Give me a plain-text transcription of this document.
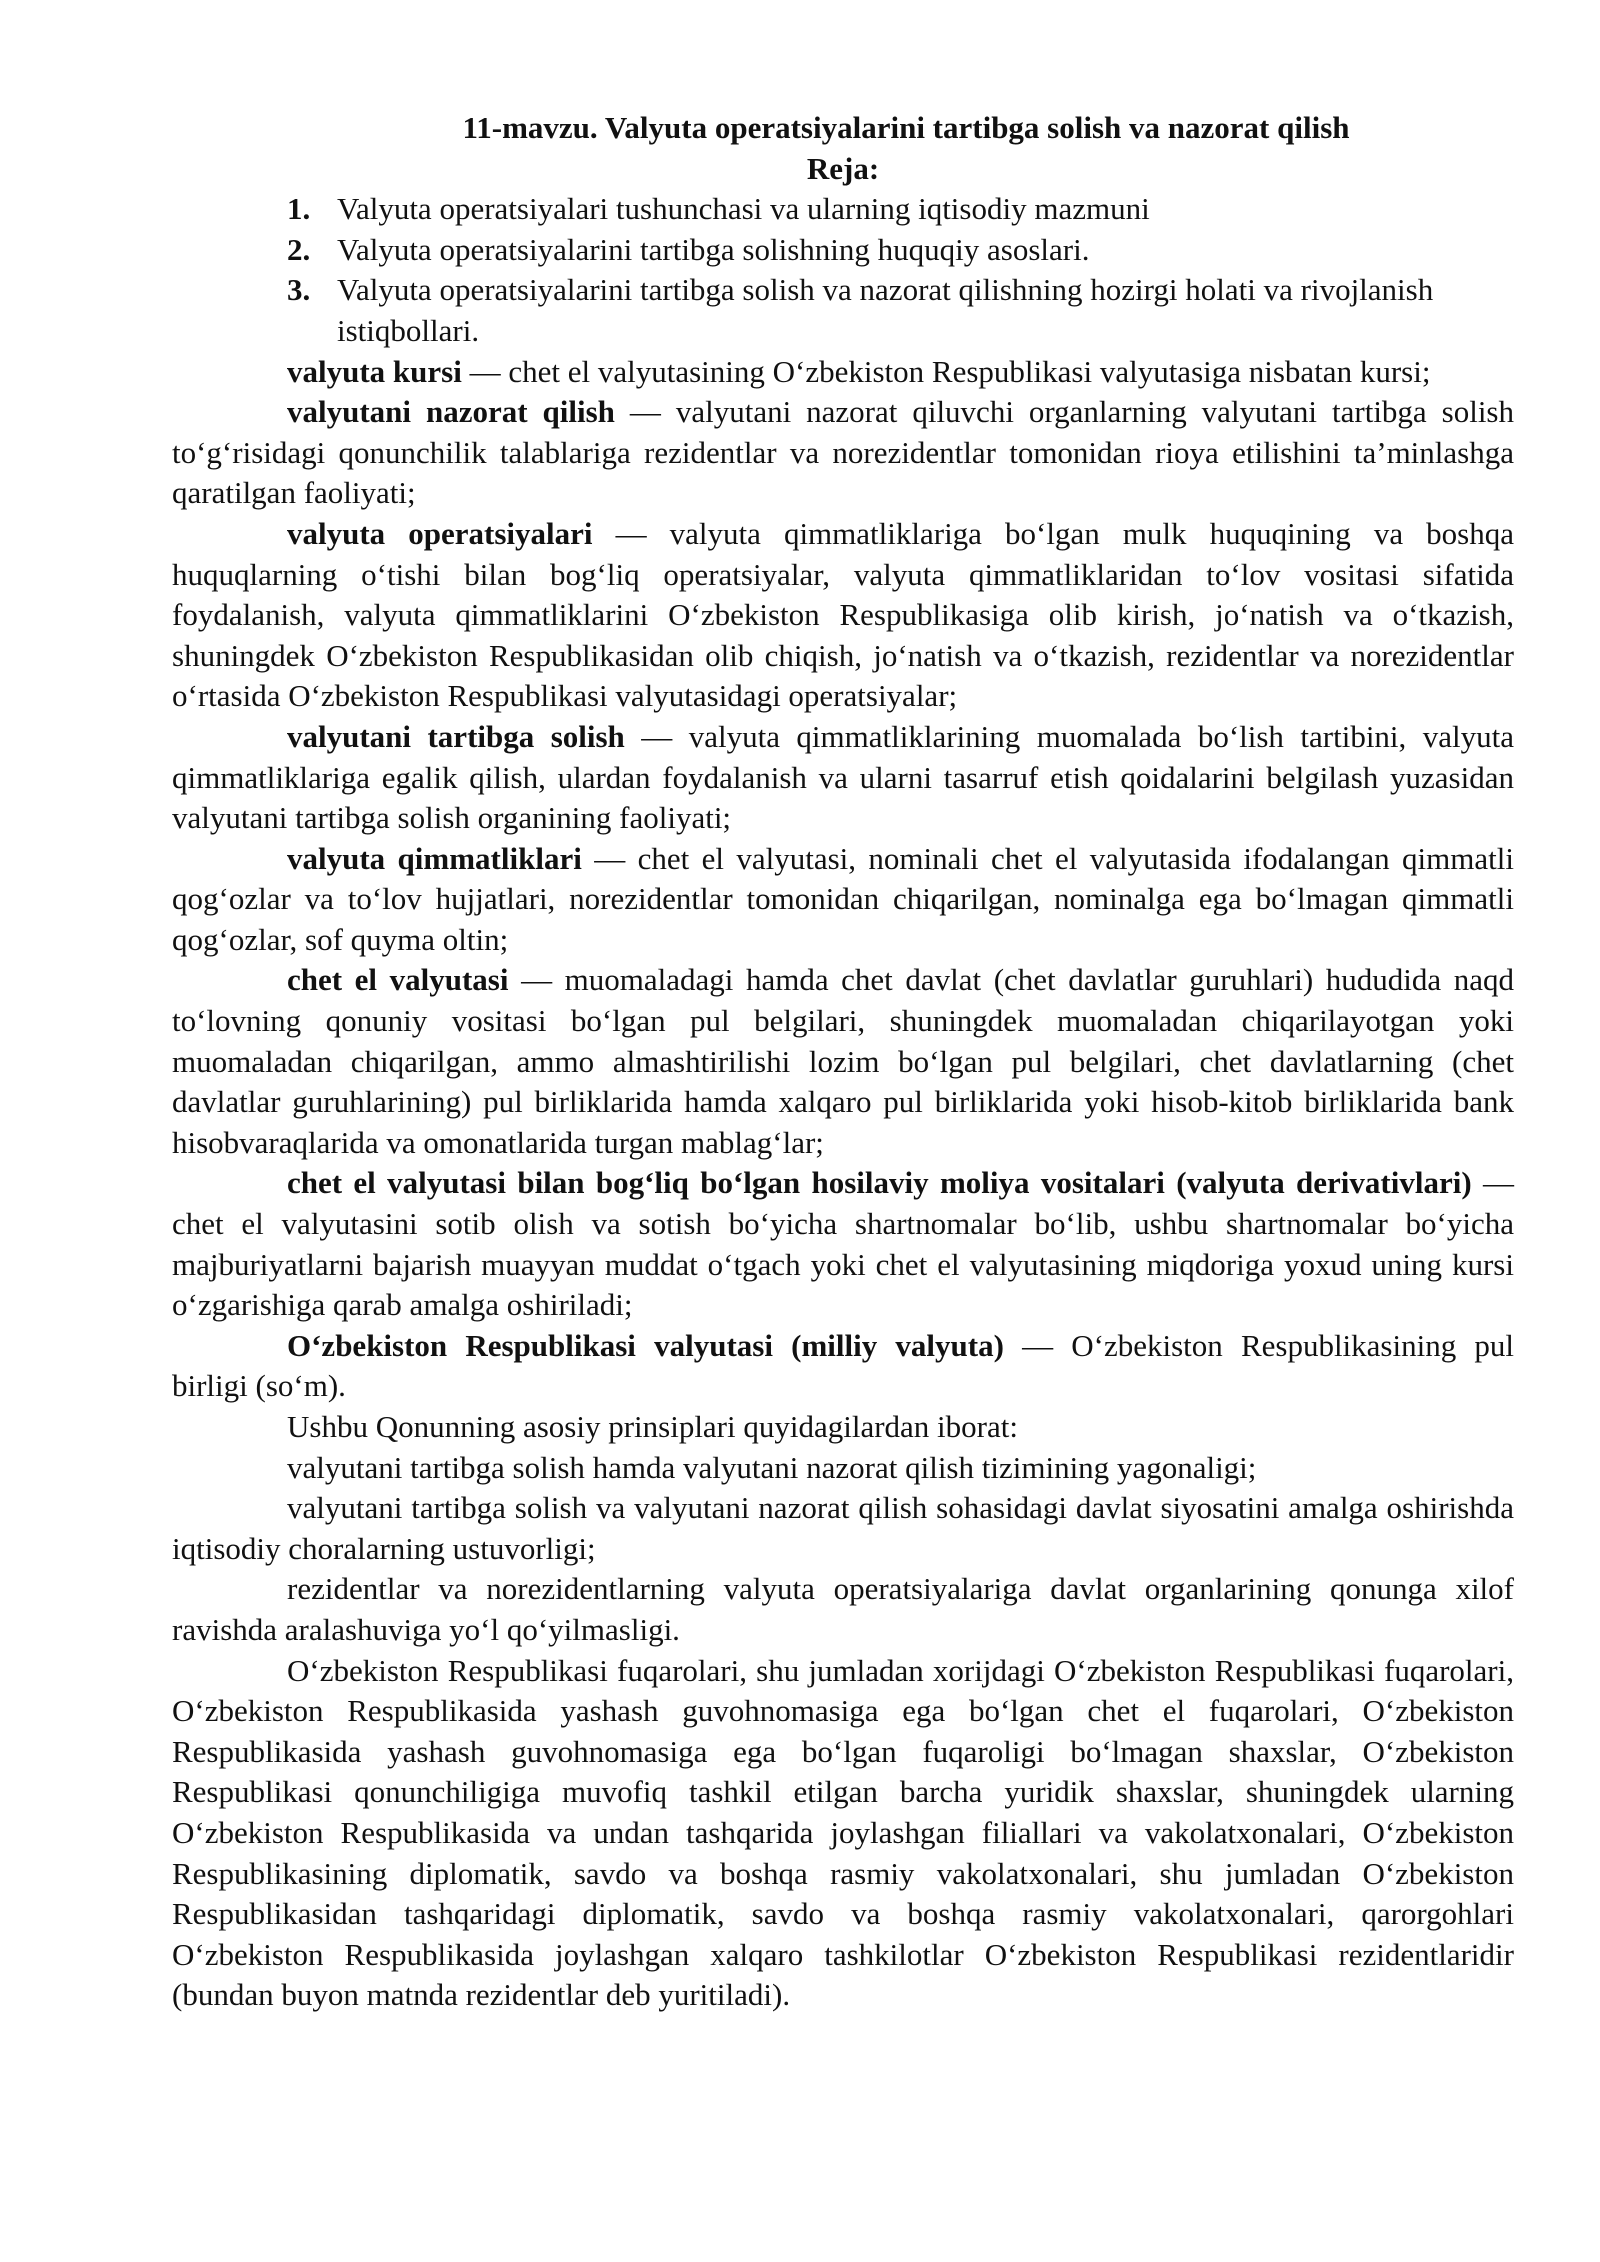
11-mavzu. Valyuta operatsiyalarini tartibga solish va nazorat qilish
Reja:
1. Valyuta operatsiyalari tushunchasi va ularning iqtisodiy mazmuni
2. Valyuta operatsiyalarini tartibga solishning huquqiy asoslari.
3. Valyuta operatsiyalarini tartibga solish va nazorat qilishning hozirgi holati va rivojlanish istiqbollari.

valyuta kursi — chet el valyutasining O‘zbekiston Respublikasi valyutasiga nisbatan kursi;

valyutani nazorat qilish — valyutani nazorat qiluvchi organlarning valyutani tartibga solish to‘g‘risidagi qonunchilik talablariga rezidentlar va norezidentlar tomonidan rioya etilishini ta’minlashga qaratilgan faoliyati;

valyuta operatsiyalari — valyuta qimmatliklariga bo‘lgan mulk huquqining va boshqa huquqlarning o‘tishi bilan bog‘liq operatsiyalar, valyuta qimmatliklaridan to‘lov vositasi sifatida foydalanish, valyuta qimmatliklarini O‘zbekiston Respublikasiga olib kirish, jo‘natish va o‘tkazish, shuningdek O‘zbekiston Respublikasidan olib chiqish, jo‘natish va o‘tkazish, rezidentlar va norezidentlar o‘rtasida O‘zbekiston Respublikasi valyutasidagi operatsiyalar;

valyutani tartibga solish — valyuta qimmatliklarining muomalada bo‘lish tartibini, valyuta qimmatliklariga egalik qilish, ulardan foydalanish va ularni tasarruf etish qoidalarini belgilash yuzasidan valyutani tartibga solish organining faoliyati;

valyuta qimmatliklari — chet el valyutasi, nominali chet el valyutasida ifodalangan qimmatli qog‘ozlar va to‘lov hujjatlari, norezidentlar tomonidan chiqarilgan, nominalga ega bo‘lmagan qimmatli qog‘ozlar, sof quyma oltin;

chet el valyutasi — muomaladagi hamda chet davlat (chet davlatlar guruhlari) hududida naqd to‘lovning qonuniy vositasi bo‘lgan pul belgilari, shuningdek muomaladan chiqarilayotgan yoki muomaladan chiqarilgan, ammo almashtirilishi lozim bo‘lgan pul belgilari, chet davlatlarning (chet davlatlar guruhlarining) pul birliklarida hamda xalqaro pul birliklarida yoki hisob-kitob birliklarida bank hisobvaraqlarida va omonatlarida turgan mablag‘lar;

chet el valyutasi bilan bog‘liq bo‘lgan hosilaviy moliya vositalari (valyuta derivativlari) — chet el valyutasini sotib olish va sotish bo‘yicha shartnomalar bo‘lib, ushbu shartnomalar bo‘yicha majburiyatlarni bajarish muayyan muddat o‘tgach yoki chet el valyutasining miqdoriga yoxud uning kursi o‘zgarishiga qarab amalga oshiriladi;

O‘zbekiston Respublikasi valyutasi (milliy valyuta) — O‘zbekiston Respublikasining pul birligi (so‘m).

Ushbu Qonunning asosiy prinsiplari quyidagilardan iborat:

valyutani tartibga solish hamda valyutani nazorat qilish tizimining yagonaligi;

valyutani tartibga solish va valyutani nazorat qilish sohasidagi davlat siyosatini amalga oshirishda iqtisodiy choralarning ustuvorligi;

rezidentlar va norezidentlarning valyuta operatsiyalariga davlat organlarining qonunga xilof ravishda aralashuviga yo‘l qo‘yilmasligi.

O‘zbekiston Respublikasi fuqarolari, shu jumladan xorijdagi O‘zbekiston Respublikasi fuqarolari, O‘zbekiston Respublikasida yashash guvohnomasiga ega bo‘lgan chet el fuqarolari, O‘zbekiston Respublikasida yashash guvohnomasiga ega bo‘lgan fuqaroligi bo‘lmagan shaxslar, O‘zbekiston Respublikasi qonunchiligiga muvofiq tashkil etilgan barcha yuridik shaxslar, shuningdek ularning O‘zbekiston Respublikasida va undan tashqarida joylashgan filiallari va vakolatxonalari, O‘zbekiston Respublikasining diplomatik, savdo va boshqa rasmiy vakolatxonalari, shu jumladan O‘zbekiston Respublikasidan tashqaridagi diplomatik, savdo va boshqa rasmiy vakolatxonalari, qarorgohlari O‘zbekiston Respublikasida joylashgan xalqaro tashkilotlar O‘zbekiston Respublikasi rezidentlaridir (bundan buyon matnda rezidentlar deb yuritiladi).
